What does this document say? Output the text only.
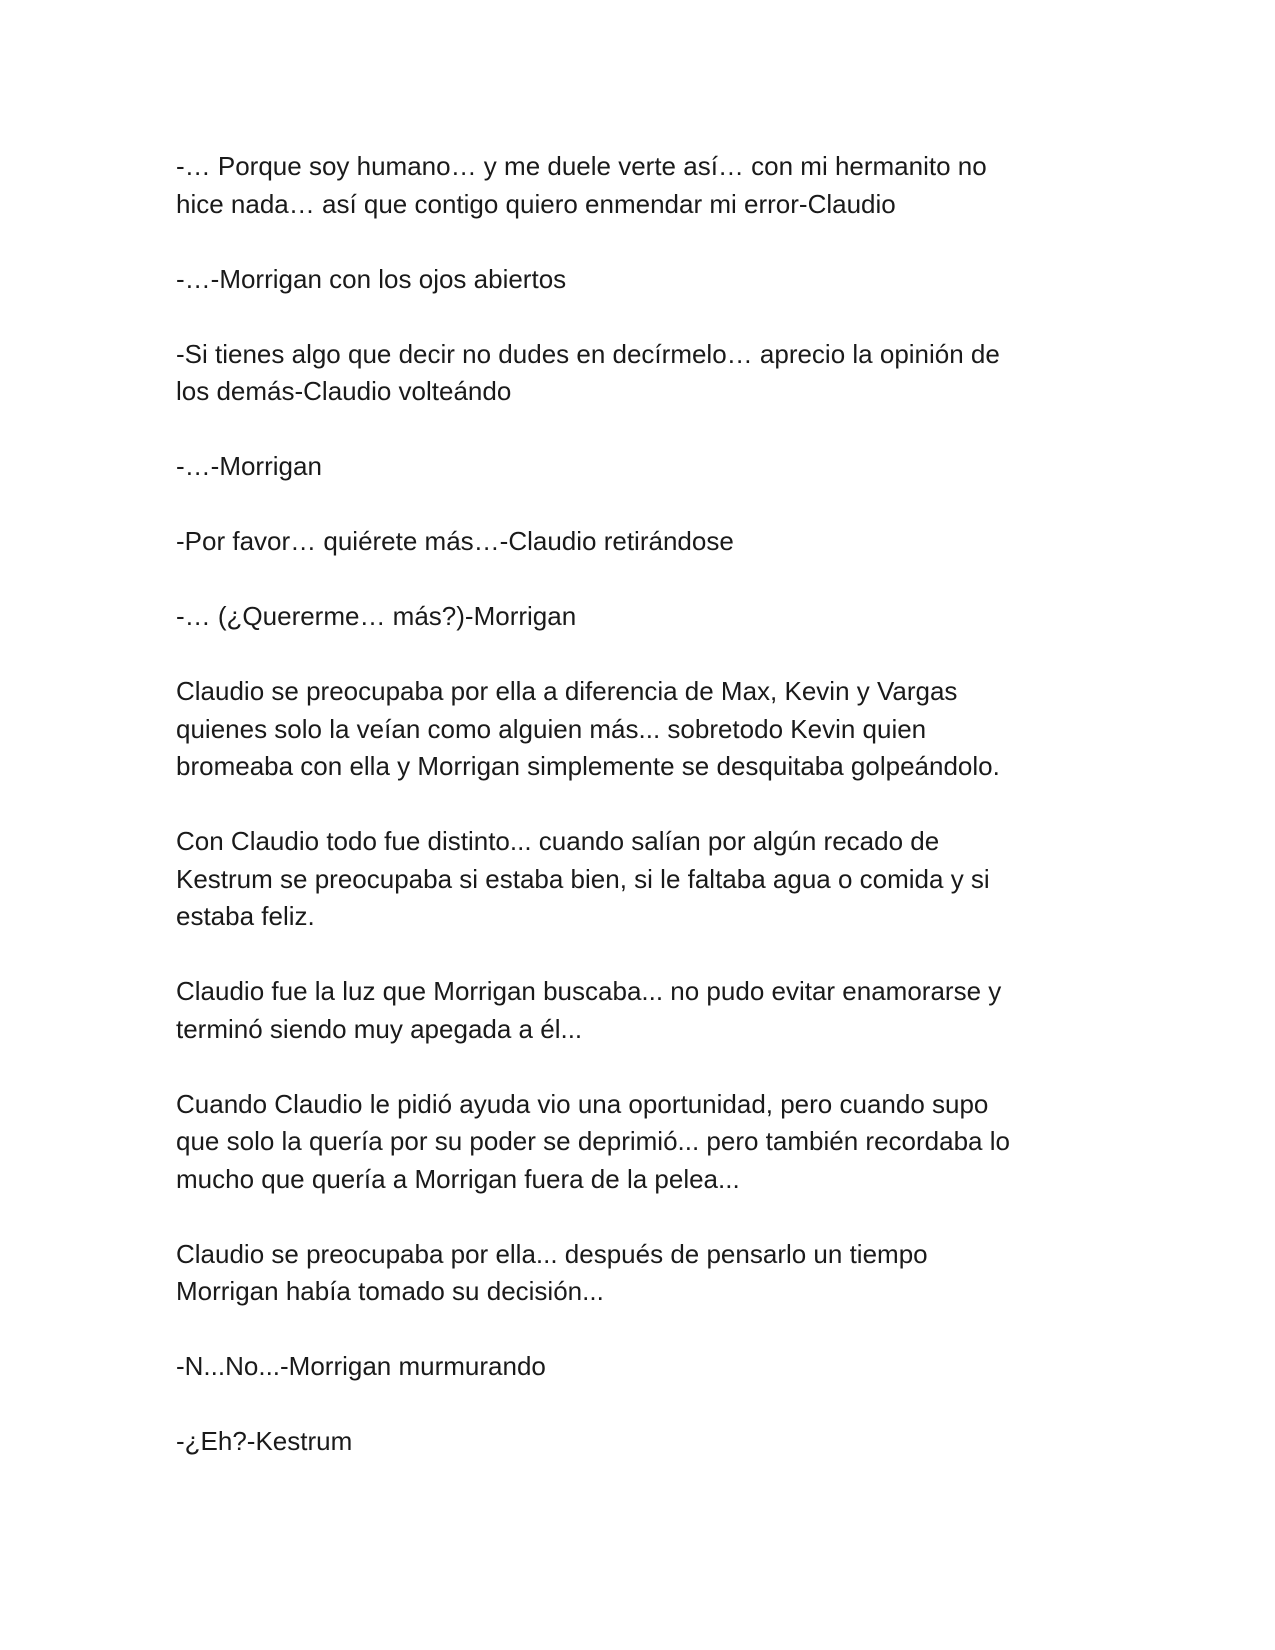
-… Porque soy humano… y me duele verte así… con mi hermanito no
hice nada… así que contigo quiero enmendar mi error-Claudio

-…-Morrigan con los ojos abiertos

-Si tienes algo que decir no dudes en decírmelo… aprecio la opinión de
los demás-Claudio volteándo

-…-Morrigan

-Por favor… quiérete más…-Claudio retirándose

-… (¿Quererme… más?)-Morrigan

Claudio se preocupaba por ella a diferencia de Max, Kevin y Vargas
quienes solo la veían como alguien más... sobretodo Kevin quien
bromeaba con ella y Morrigan simplemente se desquitaba golpeándolo.

Con Claudio todo fue distinto... cuando salían por algún recado de
Kestrum se preocupaba si estaba bien, si le faltaba agua o comida y si
estaba feliz.

Claudio fue la luz que Morrigan buscaba... no pudo evitar enamorarse y
terminó siendo muy apegada a él...

Cuando Claudio le pidió ayuda vio una oportunidad, pero cuando supo
que solo la quería por su poder se deprimió... pero también recordaba lo
mucho que quería a Morrigan fuera de la pelea...

Claudio se preocupaba por ella... después de pensarlo un tiempo
Morrigan había tomado su decisión...

-N...No...-Morrigan murmurando

-¿Eh?-Kestrum
